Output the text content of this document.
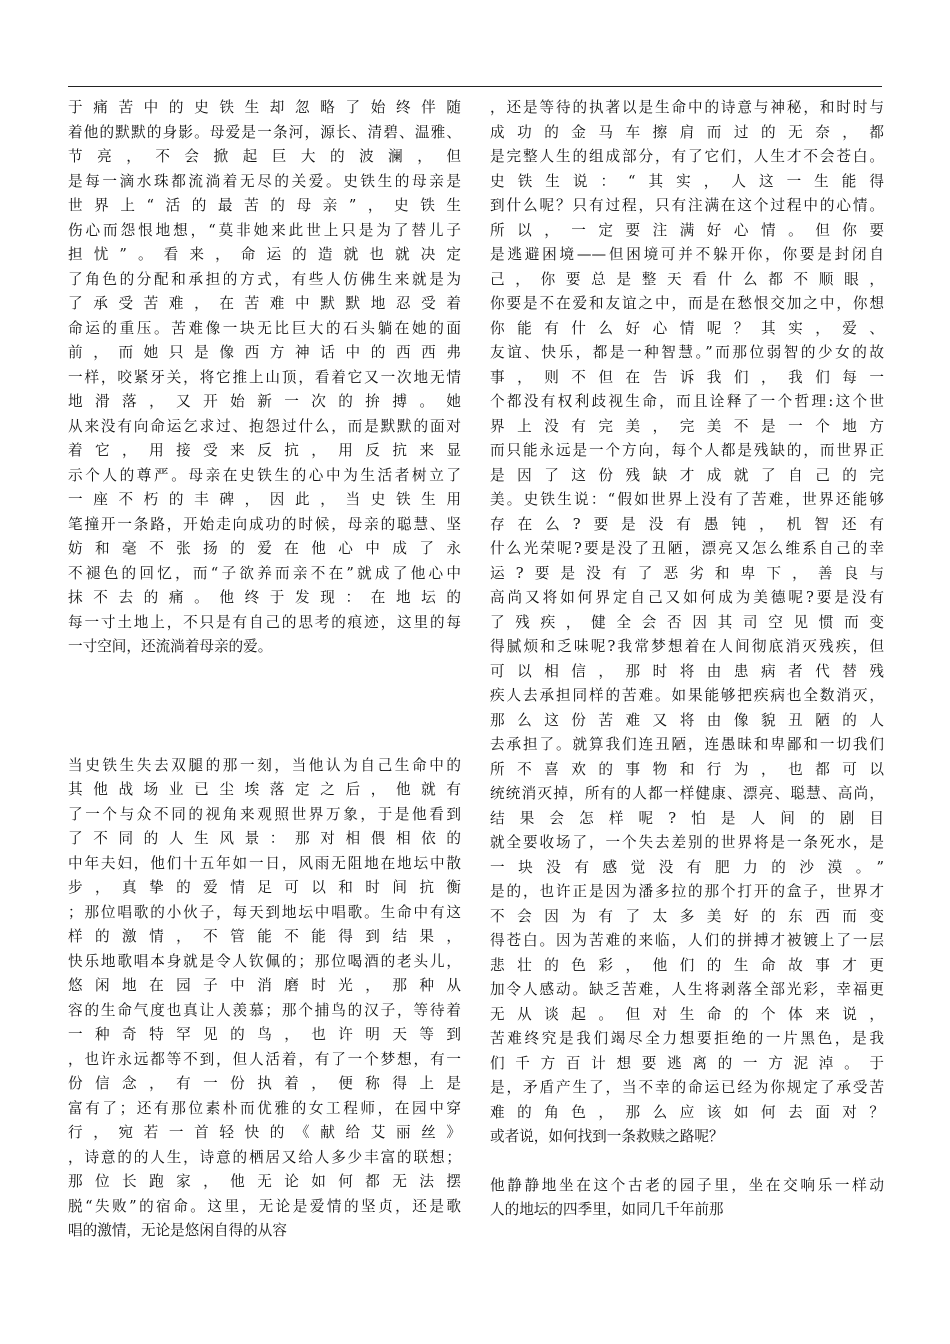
于痛苦中的史铁生却忽略了始终伴随
着他的默默的身影。母爱是一条河，源长、清碧、温雅、
节亮，不会掀起巨大的波澜，但
是每一滴水珠都流淌着无尽的关爱。史铁生的母亲是
世界上“活的最苦的母亲”，史铁生
伤心而怨恨地想，“莫非她来此世上只是为了替儿子
担忧”。看来，命运的造就也就决定
了角色的分配和承担的方式，有些人仿佛生来就是为
了承受苦难，在苦难中默默地忍受着
命运的重压。苦难像一块无比巨大的石头躺在她的面
前，而她只是像西方神话中的西西弗
一样，咬紧牙关，将它推上山顶，看着它又一次地无情
地滑落，又开始新一次的拚搏。她
从来没有向命运乞求过、抱怨过什么，而是默默的面对
着它，用接受来反抗，用反抗来显
示个人的尊严。母亲在史铁生的心中为生活者树立了
一座不朽的丰碑，因此，当史铁生用
笔撞开一条路，开始走向成功的时候，母亲的聪慧、坚
妨和毫不张扬的爱在他心中成了永
不褪色的回忆，而“子欲养而亲不在”就成了他心中
抹不去的痛。他终于发现：在地坛的
每一寸土地上，不只是有自己的思考的痕迹，这里的每
一寸空间，还流淌着母亲的爱。
当史铁生失去双腿的那一刻，当他认为自己生命中的
其他战场业已尘埃落定之后，他就有
了一个与众不同的视角来观照世界万象，于是他看到
了不同的人生风景：那对相偎相依的
中年夫妇，他们十五年如一日，风雨无阻地在地坛中散
步，真挚的爱情足可以和时间抗衡
；那位唱歌的小伙子，每天到地坛中唱歌。生命中有这
样的激情，不管能不能得到结果，
快乐地歌唱本身就是令人钦佩的；那位喝酒的老头儿，
悠闲地在园子中消磨时光，那种从
容的生命气度也真让人羡慕；那个捕鸟的汉子，等待着
一种奇特罕见的鸟，也许明天等到
，也许永远都等不到，但人活着，有了一个梦想，有一
份信念，有一份执着，便称得上是
富有了；还有那位素朴而优雅的女工程师，在园中穿
行，宛若一首轻快的《献给艾丽丝》
，诗意的的人生，诗意的栖居又给人多少丰富的联想；
那位长跑家，他无论如何都无法摆
脱“失败”的宿命。这里，无论是爱情的坚贞，还是歌
唱的激情，无论是悠闲自得的从容
，还是等待的执著以是生命中的诗意与神秘，和时时与
成功的金马车擦肩而过的无奈，都
是完整人生的组成部分，有了它们，人生才不会苍白。
史铁生说：“其实，人这一生能得
到什么呢？只有过程，只有注满在这个过程中的心情。
所以，一定要注满好心情。但你要
是逃避困境——但困境可并不躲开你，你要是封闭自
己，你要总是整天看什么都不顺眼，
你要是不在爱和友谊之中，而是在愁恨交加之中，你想
你能有什么好心情呢？其实，爱、
友谊、快乐，都是一种智慧。”而那位弱智的少女的故
事，则不但在告诉我们，我们每一
个都没有权利歧视生命，而且诠释了一个哲理:这个世
界上没有完美，完美不是一个地方
而只能永远是一个方向，每个人都是残缺的，而世界正
是因了这份残缺才成就了自己的完
美。史铁生说：“假如世界上没有了苦难，世界还能够
存在么?要是没有愚钝，机智还有
什么光荣呢?要是没了丑陋，漂亮又怎么维系自己的幸
运?要是没有了恶劣和卑下，善良与
高尚又将如何界定自己又如何成为美德呢?要是没有
了残疾，健全会否因其司空见惯而变
得腻烦和乏味呢?我常梦想着在人间彻底消灭残疾，但
可以相信，那时将由患病者代替残
疾人去承担同样的苦难。如果能够把疾病也全数消灭，
那么这份苦难又将由像貌丑陋的人
去承担了。就算我们连丑陋，连愚昧和卑鄙和一切我们
所不喜欢的事物和行为，也都可以
统统消灭掉，所有的人都一样健康、漂亮、聪慧、高尚，
结果会怎样呢?怕是人间的剧目
就全要收场了，一个失去差别的世界将是一条死水，是
一块没有感觉没有肥力的沙漠。”
是的，也许正是因为潘多拉的那个打开的盒子，世界才
不会因为有了太多美好的东西而变
得苍白。因为苦难的来临，人们的拼搏才被镀上了一层
悲壮的色彩，他们的生命故事才更
加令人感动。缺乏苦难，人生将剥落全部光彩，幸福更
无从谈起。但对生命的个体来说，
苦难终究是我们竭尽全力想要拒绝的一片黑色，是我
们千方百计想要逃离的一方泥淖。于
是，矛盾产生了，当不幸的命运已经为你规定了承受苦
难的角色，那么应该如何去面对？
或者说，如何找到一条救赎之路呢？
他静静地坐在这个古老的园子里，坐在交响乐一样动
人的地坛的四季里，如同几千年前那
